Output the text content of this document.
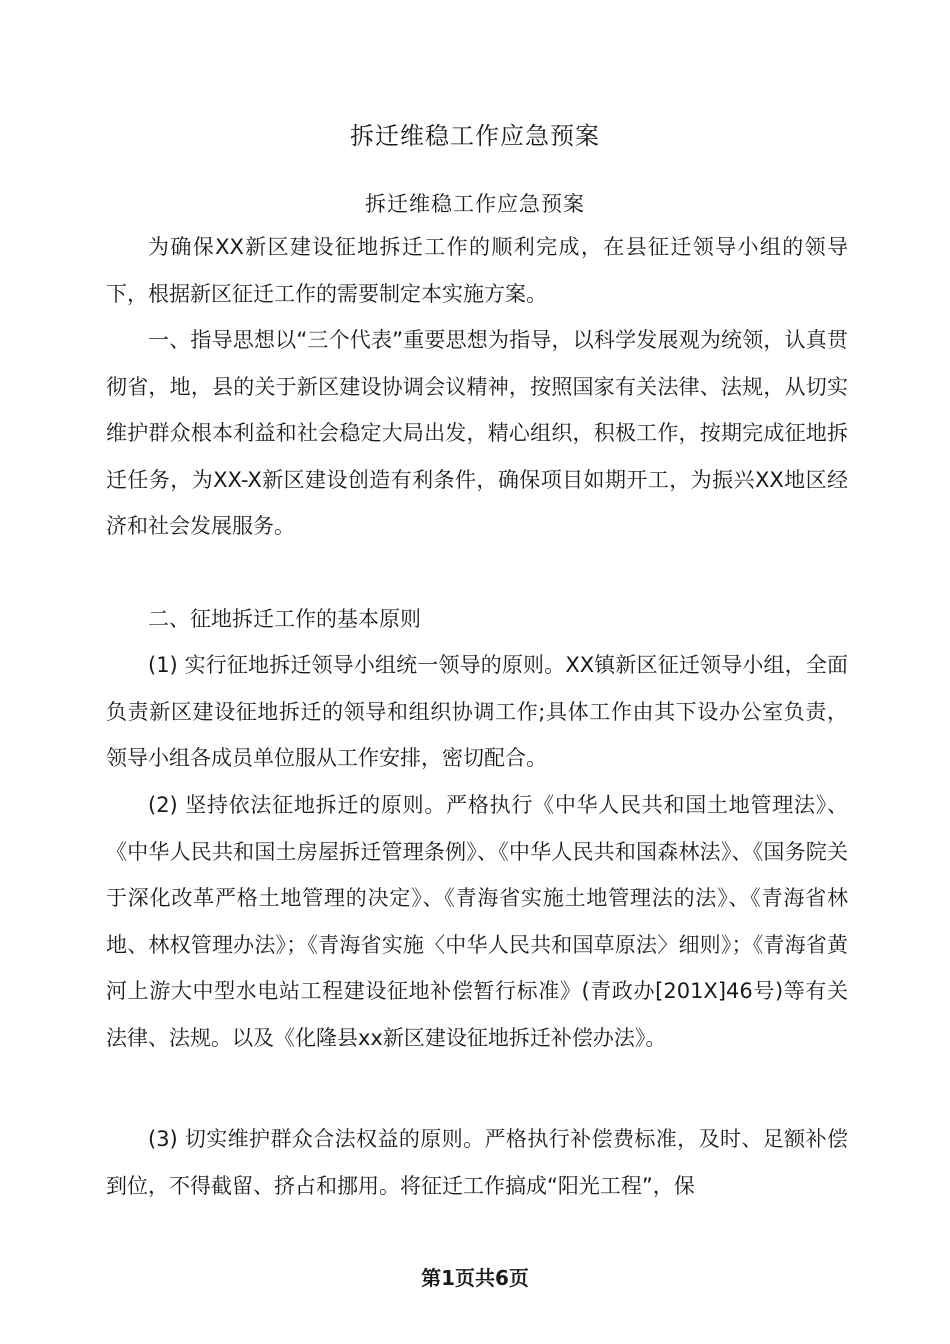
拆迁维稳工作应急预案
拆迁维稳工作应急预案
为确保XX新区建设征地拆迁工作的顺利完成，在县征迁领导小组的领导下，根据新区征迁工作的需要制定本实施方案。
一、指导思想以“三个代表”重要思想为指导，以科学发展观为统领，认真贯彻省，地，县的关于新区建设协调会议精神，按照国家有关法律、法规，从切实维护群众根本利益和社会稳定大局出发，精心组织，积极工作，按期完成征地拆迁任务，为XX-X新区建设创造有利条件，确保项目如期开工，为振兴XX地区经济和社会发展服务。
二、征地拆迁工作的基本原则
(1) 实行征地拆迁领导小组统一领导的原则。XX镇新区征迁领导小组，全面负责新区建设征地拆迁的领导和组织协调工作;具体工作由其下设办公室负责，领导小组各成员单位服从工作安排，密切配合。
(2) 坚持依法征地拆迁的原则。严格执行《中华人民共和国土地管理法》、《中华人民共和国土房屋拆迁管理条例》、《中华人民共和国森林法》、《国务院关于深化改革严格土地管理的决定》、《青海省实施土地管理法的法》、《青海省林地、林权管理办法》；《青海省实施〈中华人民共和国草原法〉细则》；《青海省黄河上游大中型水电站工程建设征地补偿暂行标准》(青政办[201X]46号)等有关法律、法规。以及《化隆县xx新区建设征地拆迁补偿办法》。
(3) 切实维护群众合法权益的原则。严格执行补偿费标准，及时、足额补偿到位，不得截留、挤占和挪用。将征迁工作搞成“阳光工程”，保
第1页共6页
